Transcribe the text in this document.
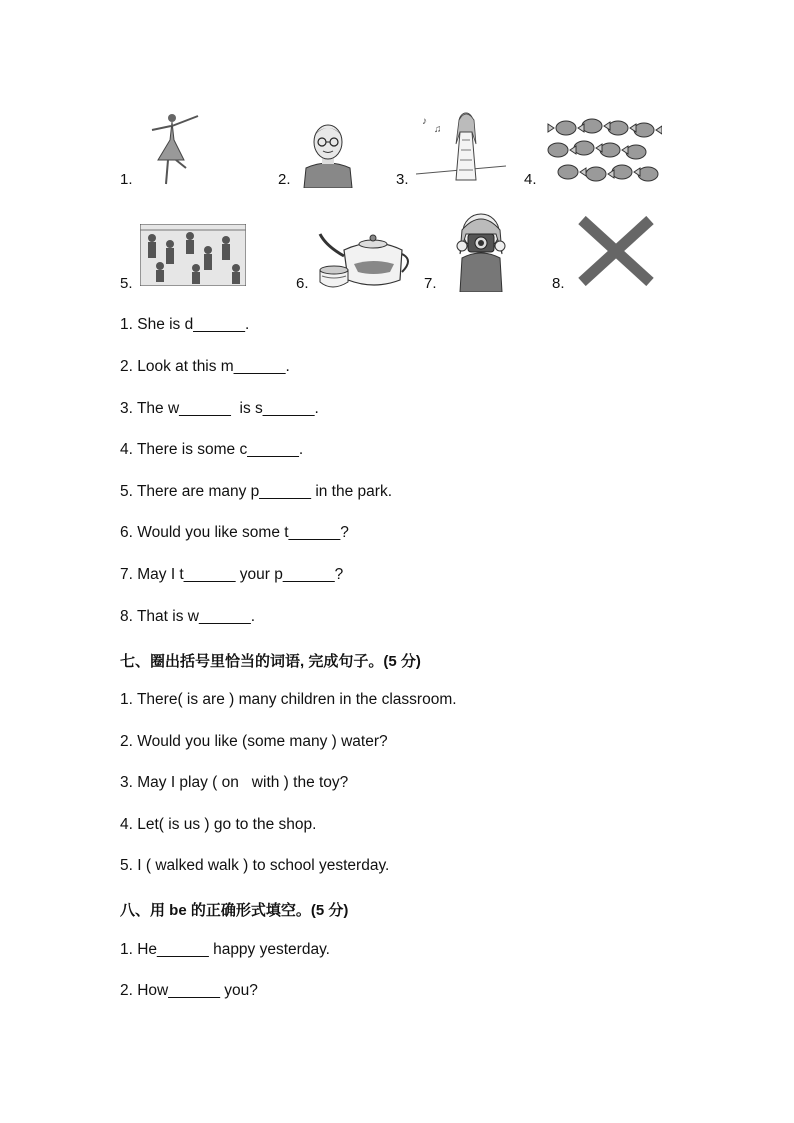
1.	2.	3.
♪
♫
4.
5.	6.	7.	8.
1. She is d______.
2. Look at this m______.
3. The w______  is s______.
4. There is some c______.
5. There are many p______ in the park.
6. Would you like some t______?
7. May I t______ your p______?
8. That is w______.
七、圈出括号里恰当的词语, 完成句子。(5 分)
1. There( is are ) many children in the classroom.
2. Would you like (some many ) water?
3. May I play ( on   with ) the toy?
4. Let( is us ) go to the shop.
5. I ( walked walk ) to school yesterday.
八、用 be 的正确形式填空。(5 分)
1. He______ happy yesterday.
2. How______ you?
